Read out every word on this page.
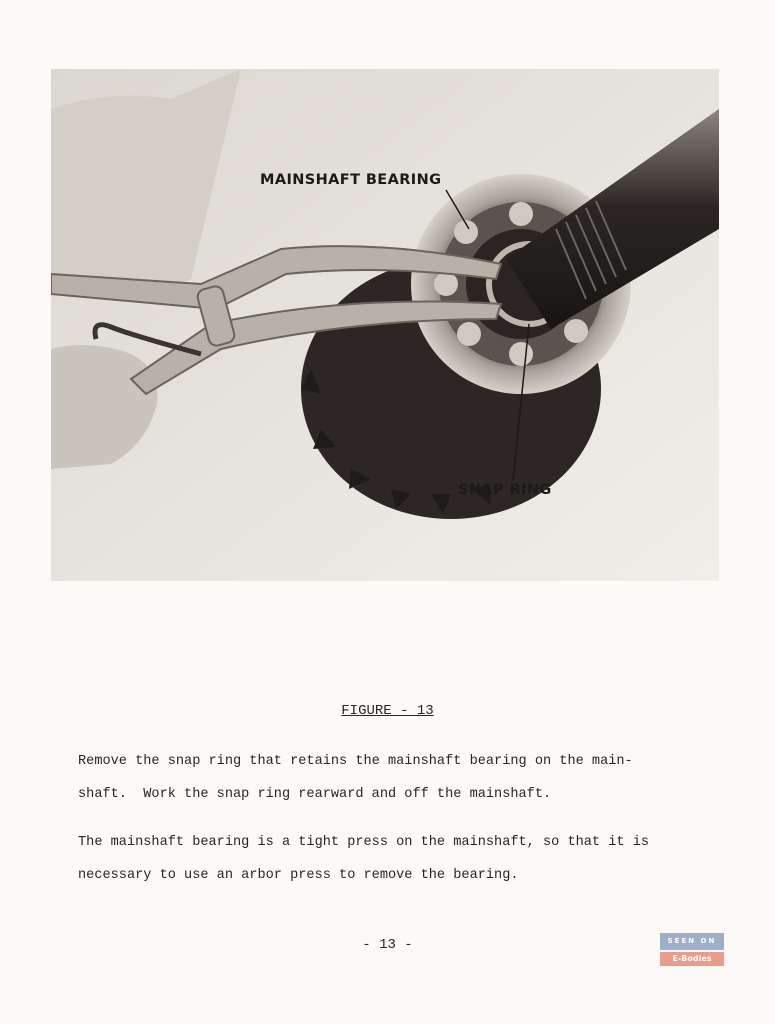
MAINSHAFT BEARING
SNAP RING
FIGURE - 13
Remove the snap ring that retains the mainshaft bearing on the main-
shaft.  Work the snap ring rearward and off the mainshaft.
The mainshaft bearing is a tight press on the mainshaft, so that it is
necessary to use an arbor press to remove the bearing.
- 13 -	SEEN ON
E-Bodies
